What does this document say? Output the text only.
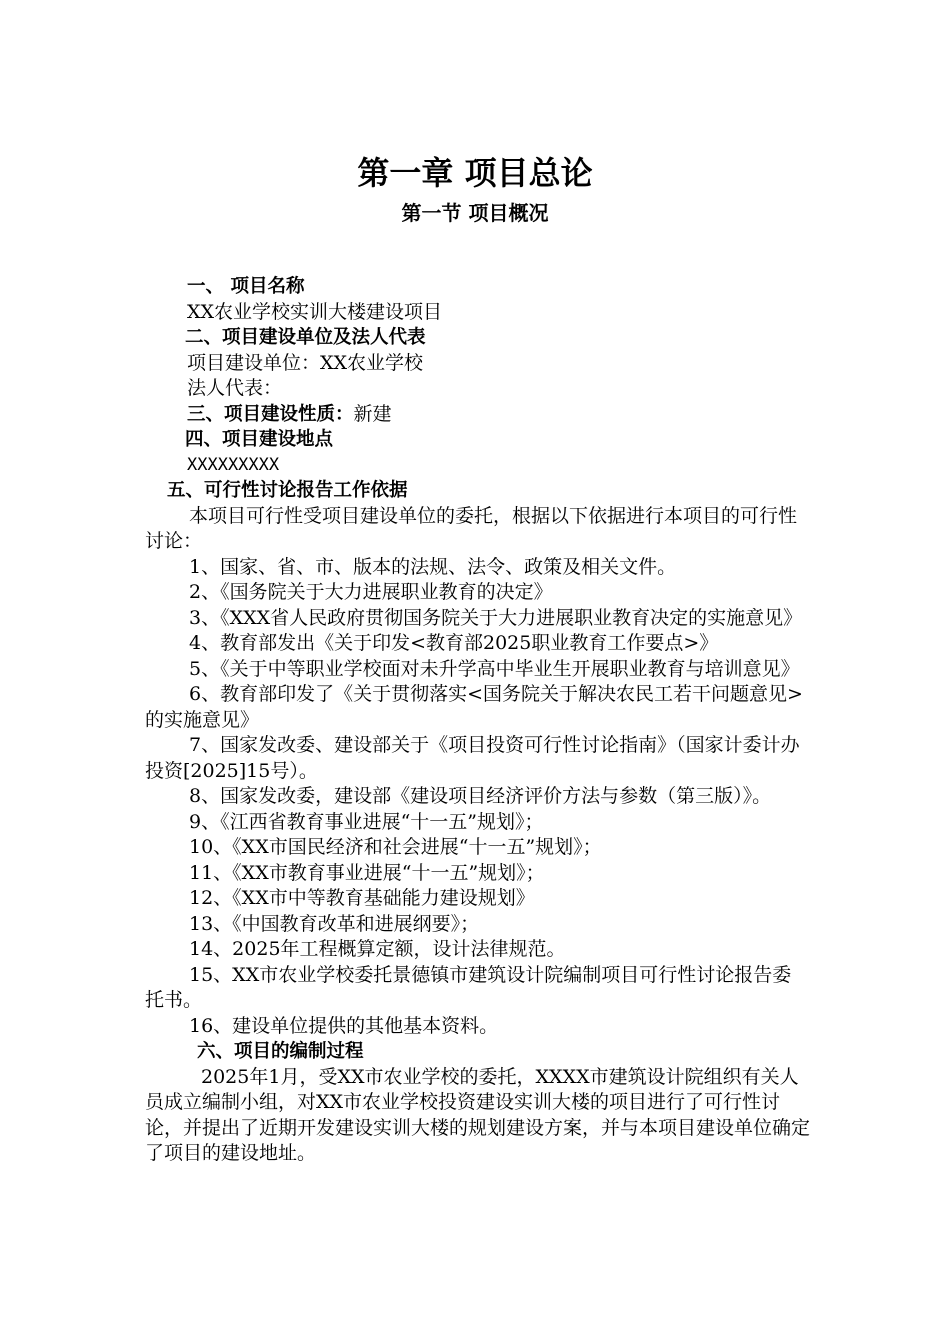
第一章 项目总论
第一节 项目概况
一、 项目名称
XX农业学校实训大楼建设项目
二、项目建设单位及法人代表
项目建设单位：XX农业学校
法人代表：
三、项目建设性质：新建
四、项目建设地点
XXXXXXXXX
五、可行性讨论报告工作依据
本项目可行性受项目建设单位的委托，根据以下依据进行本项目的可行性讨论：
1、国家、省、市、版本的法规、法令、政策及相关文件。
2、《国务院关于大力进展职业教育的决定》
3、《XXX省人民政府贯彻国务院关于大力进展职业教育决定的实施意见》
4、教育部发出《关于印发<教育部2025职业教育工作要点>》
5、《关于中等职业学校面对未升学高中毕业生开展职业教育与培训意见》
6、教育部印发了《关于贯彻落实<国务院关于解决农民工若干问题意见>的实施意见》
7、国家发改委、建设部关于《项目投资可行性讨论指南》（国家计委计办投资[2025]15号）。
8、国家发改委，建设部《建设项目经济评价方法与参数（第三版）》。
9、《江西省教育事业进展“十一五”规划》；
10、《XX市国民经济和社会进展“十一五”规划》；
11、《XX市教育事业进展“十一五”规划》；
12、《XX市中等教育基础能力建设规划》
13、《中国教育改革和进展纲要》；
14、2025年工程概算定额，设计法律规范。
15、XX市农业学校委托景德镇市建筑设计院编制项目可行性讨论报告委托书。
16、建设单位提供的其他基本资料。
六、项目的编制过程
2025年1月，受XX市农业学校的委托，XXXX市建筑设计院组织有关人员成立编制小组，对XX市农业学校投资建设实训大楼的项目进行了可行性讨论，并提出了近期开发建设实训大楼的规划建设方案，并与本项目建设单位确定了项目的建设地址。
